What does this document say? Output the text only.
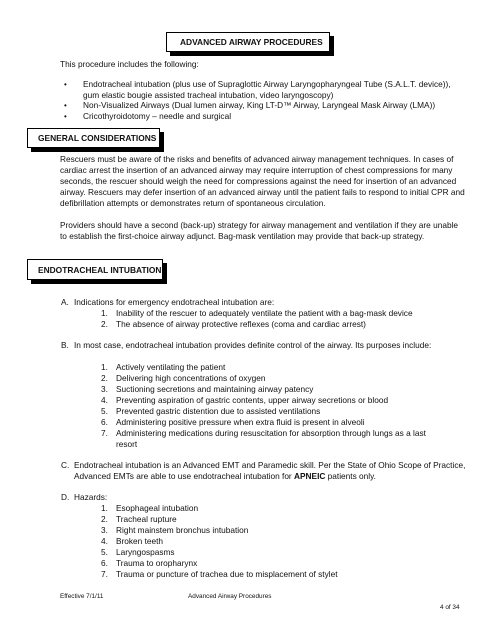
ADVANCED AIRWAY PROCEDURES

This procedure includes the following:

• Endotracheal intubation (plus use of Supraglottic Airway Laryngopharyngeal Tube (S.A.L.T. device)), gum elastic bougie assisted tracheal intubation, video laryngoscopy)

• Non-Visualized Airways (Dual lumen airway, King LT-D™ Airway, Laryngeal Mask Airway (LMA))

• Cricothyroidotomy – needle and surgical

GENERAL CONSIDERATIONS

Rescuers must be aware of the risks and benefits of advanced airway management techniques. In cases of cardiac arrest the insertion of an advanced airway may require interruption of chest compressions for many seconds, the rescuer should weigh the need for compressions against the need for insertion of an advanced airway. Rescuers may defer insertion of an advanced airway until the patient fails to respond to initial CPR and defibrillation attempts or demonstrates return of spontaneous circulation.

Providers should have a second (back-up) strategy for airway management and ventilation if they are unable to establish the first-choice airway adjunct. Bag-mask ventilation may provide that back-up strategy.

ENDOTRACHEAL INTUBATION
A. Indications for emergency endotracheal intubation are:

1. Inability of the rescuer to adequately ventilate the patient with a bag-mask device

2. The absence of airway protective reflexes (coma and cardiac arrest)

B. In most case, endotracheal intubation provides definite control of the airway. Its purposes include:

1. Actively ventilating the patient

2. Delivering high concentrations of oxygen

3. Suctioning secretions and maintaining airway patency

4. Preventing aspiration of gastric contents, upper airway secretions or blood

5. Prevented gastric distention due to assisted ventilations

6. Administering positive pressure when extra fluid is present in alveoli

7. Administering medications during resuscitation for absorption through lungs as a last resort

C. Endotracheal intubation is an Advanced EMT and Paramedic skill. Per the State of Ohio Scope of Practice, Advanced EMTs are able to use endotracheal intubation for APNEIC patients only.

D. Hazards:

1. Esophageal intubation

2. Tracheal rupture

3. Right mainstem bronchus intubation

4. Broken teeth

5. Laryngospasms

6. Trauma to oropharynx

7. Trauma or puncture of trachea due to misplacement of stylet

Effective 7/1/11	Advanced Airway Procedures
4 of 34
